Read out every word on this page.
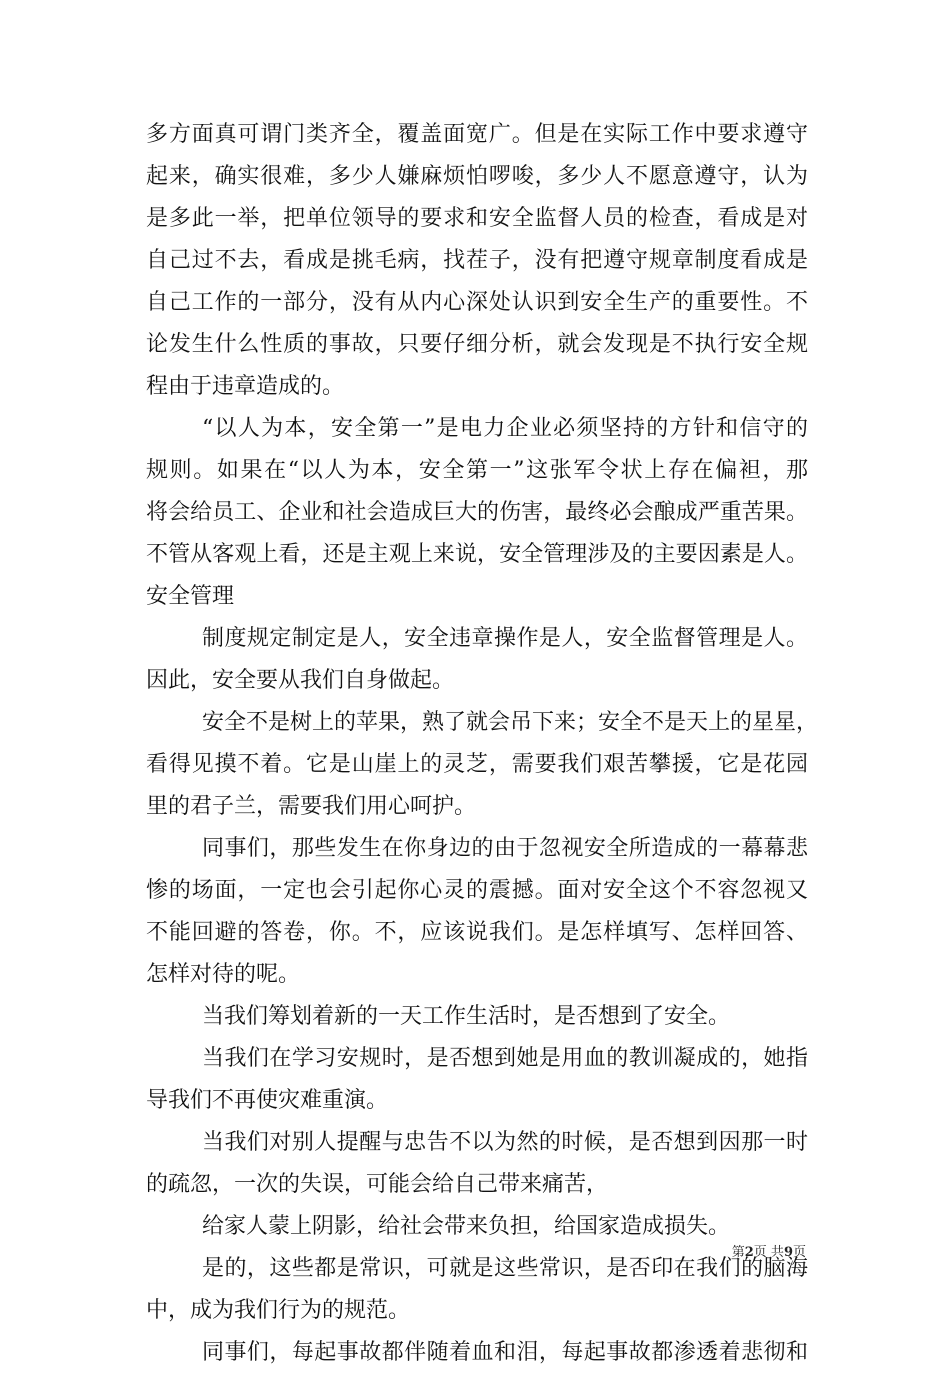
多方面真可谓门类齐全，覆盖面宽广。但是在实际工作中要求遵守
起来，确实很难，多少人嫌麻烦怕啰唆，多少人不愿意遵守，认为
是多此一举，把单位领导的要求和安全监督人员的检查，看成是对
自己过不去，看成是挑毛病，找茬子，没有把遵守规章制度看成是
自己工作的一部分，没有从内心深处认识到安全生产的重要性。不
论发生什么性质的事故，只要仔细分析，就会发现是不执行安全规
程由于违章造成的。
“以人为本，安全第一”是电力企业必须坚持的方针和信守的
规则。如果在“以人为本，安全第一”这张军令状上存在偏袒，那
将会给员工、企业和社会造成巨大的伤害，最终必会酿成严重苦果。
不管从客观上看，还是主观上来说，安全管理涉及的主要因素是人。
安全管理
制度规定制定是人，安全违章操作是人，安全监督管理是人。
因此，安全要从我们自身做起。
安全不是树上的苹果，熟了就会吊下来；安全不是天上的星星，
看得见摸不着。它是山崖上的灵芝，需要我们艰苦攀援，它是花园
里的君子兰，需要我们用心呵护。
同事们，那些发生在你身边的由于忽视安全所造成的一幕幕悲
惨的场面，一定也会引起你心灵的震撼。面对安全这个不容忽视又
不能回避的答卷，你。不，应该说我们。是怎样填写、怎样回答、
怎样对待的呢。
当我们筹划着新的一天工作生活时，是否想到了安全。
当我们在学习安规时，是否想到她是用血的教训凝成的，她指
导我们不再使灾难重演。
当我们对别人提醒与忠告不以为然的时候，是否想到因那一时
的疏忽，一次的失误，可能会给自己带来痛苦，
给家人蒙上阴影，给社会带来负担，给国家造成损失。
是的，这些都是常识，可就是这些常识，是否印在我们的脑海
中，成为我们行为的规范。
同事们，每起事故都伴随着血和泪，每起事故都渗透着悲彻和
第2页 共9页
